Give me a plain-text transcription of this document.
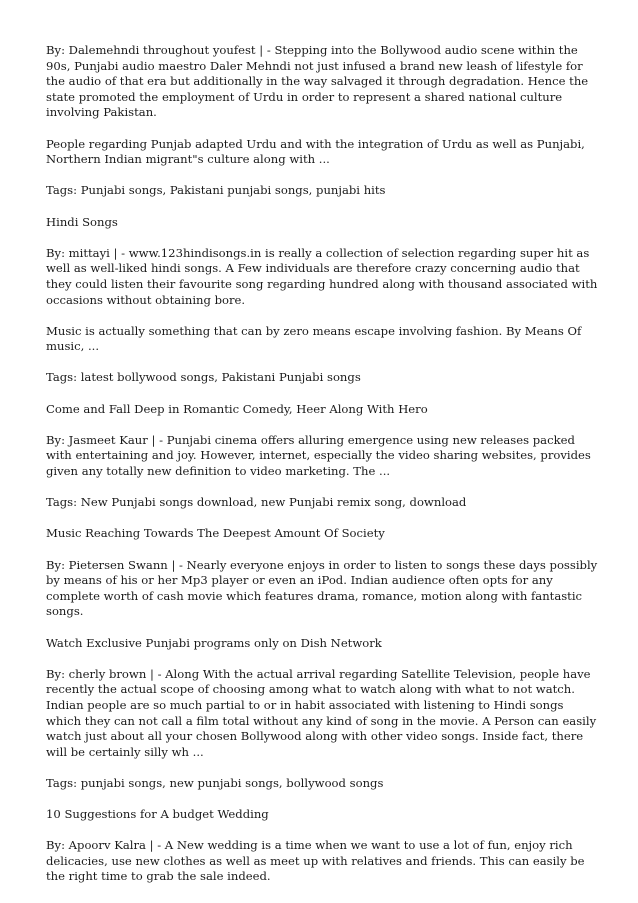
By: Dalemehndi throughout youfest | - Stepping into the Bollywood audio scene within the 90s, Punjabi audio maestro Daler Mehndi not just infused a brand new leash of lifestyle for the audio of that era but additionally in the way salvaged it through degradation. Hence the state promoted the employment of Urdu in order to represent a shared national culture involving Pakistan.

People regarding Punjab adapted Urdu and with the integration of Urdu as well as Punjabi, Northern Indian migrant"s culture along with ...

Tags: Punjabi songs, Pakistani punjabi songs, punjabi hits

Hindi Songs

By: mittayi | - www.123hindisongs.in is really a collection of selection regarding super hit as well as well-liked hindi songs. A Few individuals are therefore crazy concerning audio that they could listen their favourite song regarding hundred along with thousand associated with occasions without obtaining bore.

Music is actually something that can by zero means escape involving fashion. By Means Of music, ...

Tags: latest bollywood songs, Pakistani Punjabi songs

Come and Fall Deep in Romantic Comedy, Heer Along With Hero

By: Jasmeet Kaur | - Punjabi cinema offers alluring emergence using new releases packed with entertaining and joy. However, internet, especially the video sharing websites, provides given any totally new definition to video marketing. The ...

Tags: New Punjabi songs download, new Punjabi remix song, download

Music Reaching Towards The Deepest Amount Of Society

By: Pietersen Swann | - Nearly everyone enjoys in order to listen to songs these days possibly by means of his or her Mp3 player or even an iPod. Indian audience often opts for any complete worth of cash movie which features drama, romance, motion along with fantastic songs.

Watch Exclusive Punjabi programs only on Dish Network

By: cherly brown | - Along With the actual arrival regarding Satellite Television, people have recently the actual scope of choosing among what to watch along with what to not watch. Indian people are so much partial to or in habit associated with listening to Hindi songs which they can not call a film total without any kind of song in the movie. A Person can easily watch just about all your chosen Bollywood along with other video songs. Inside fact, there will be certainly silly wh ...

Tags: punjabi songs, new punjabi songs, bollywood songs

10 Suggestions for A budget Wedding

By: Apoorv Kalra | - A New wedding is a time when we want to use a lot of fun, enjoy rich delicacies, use new clothes as well as meet up with relatives and friends. This can easily be the right time to grab the sale indeed.
